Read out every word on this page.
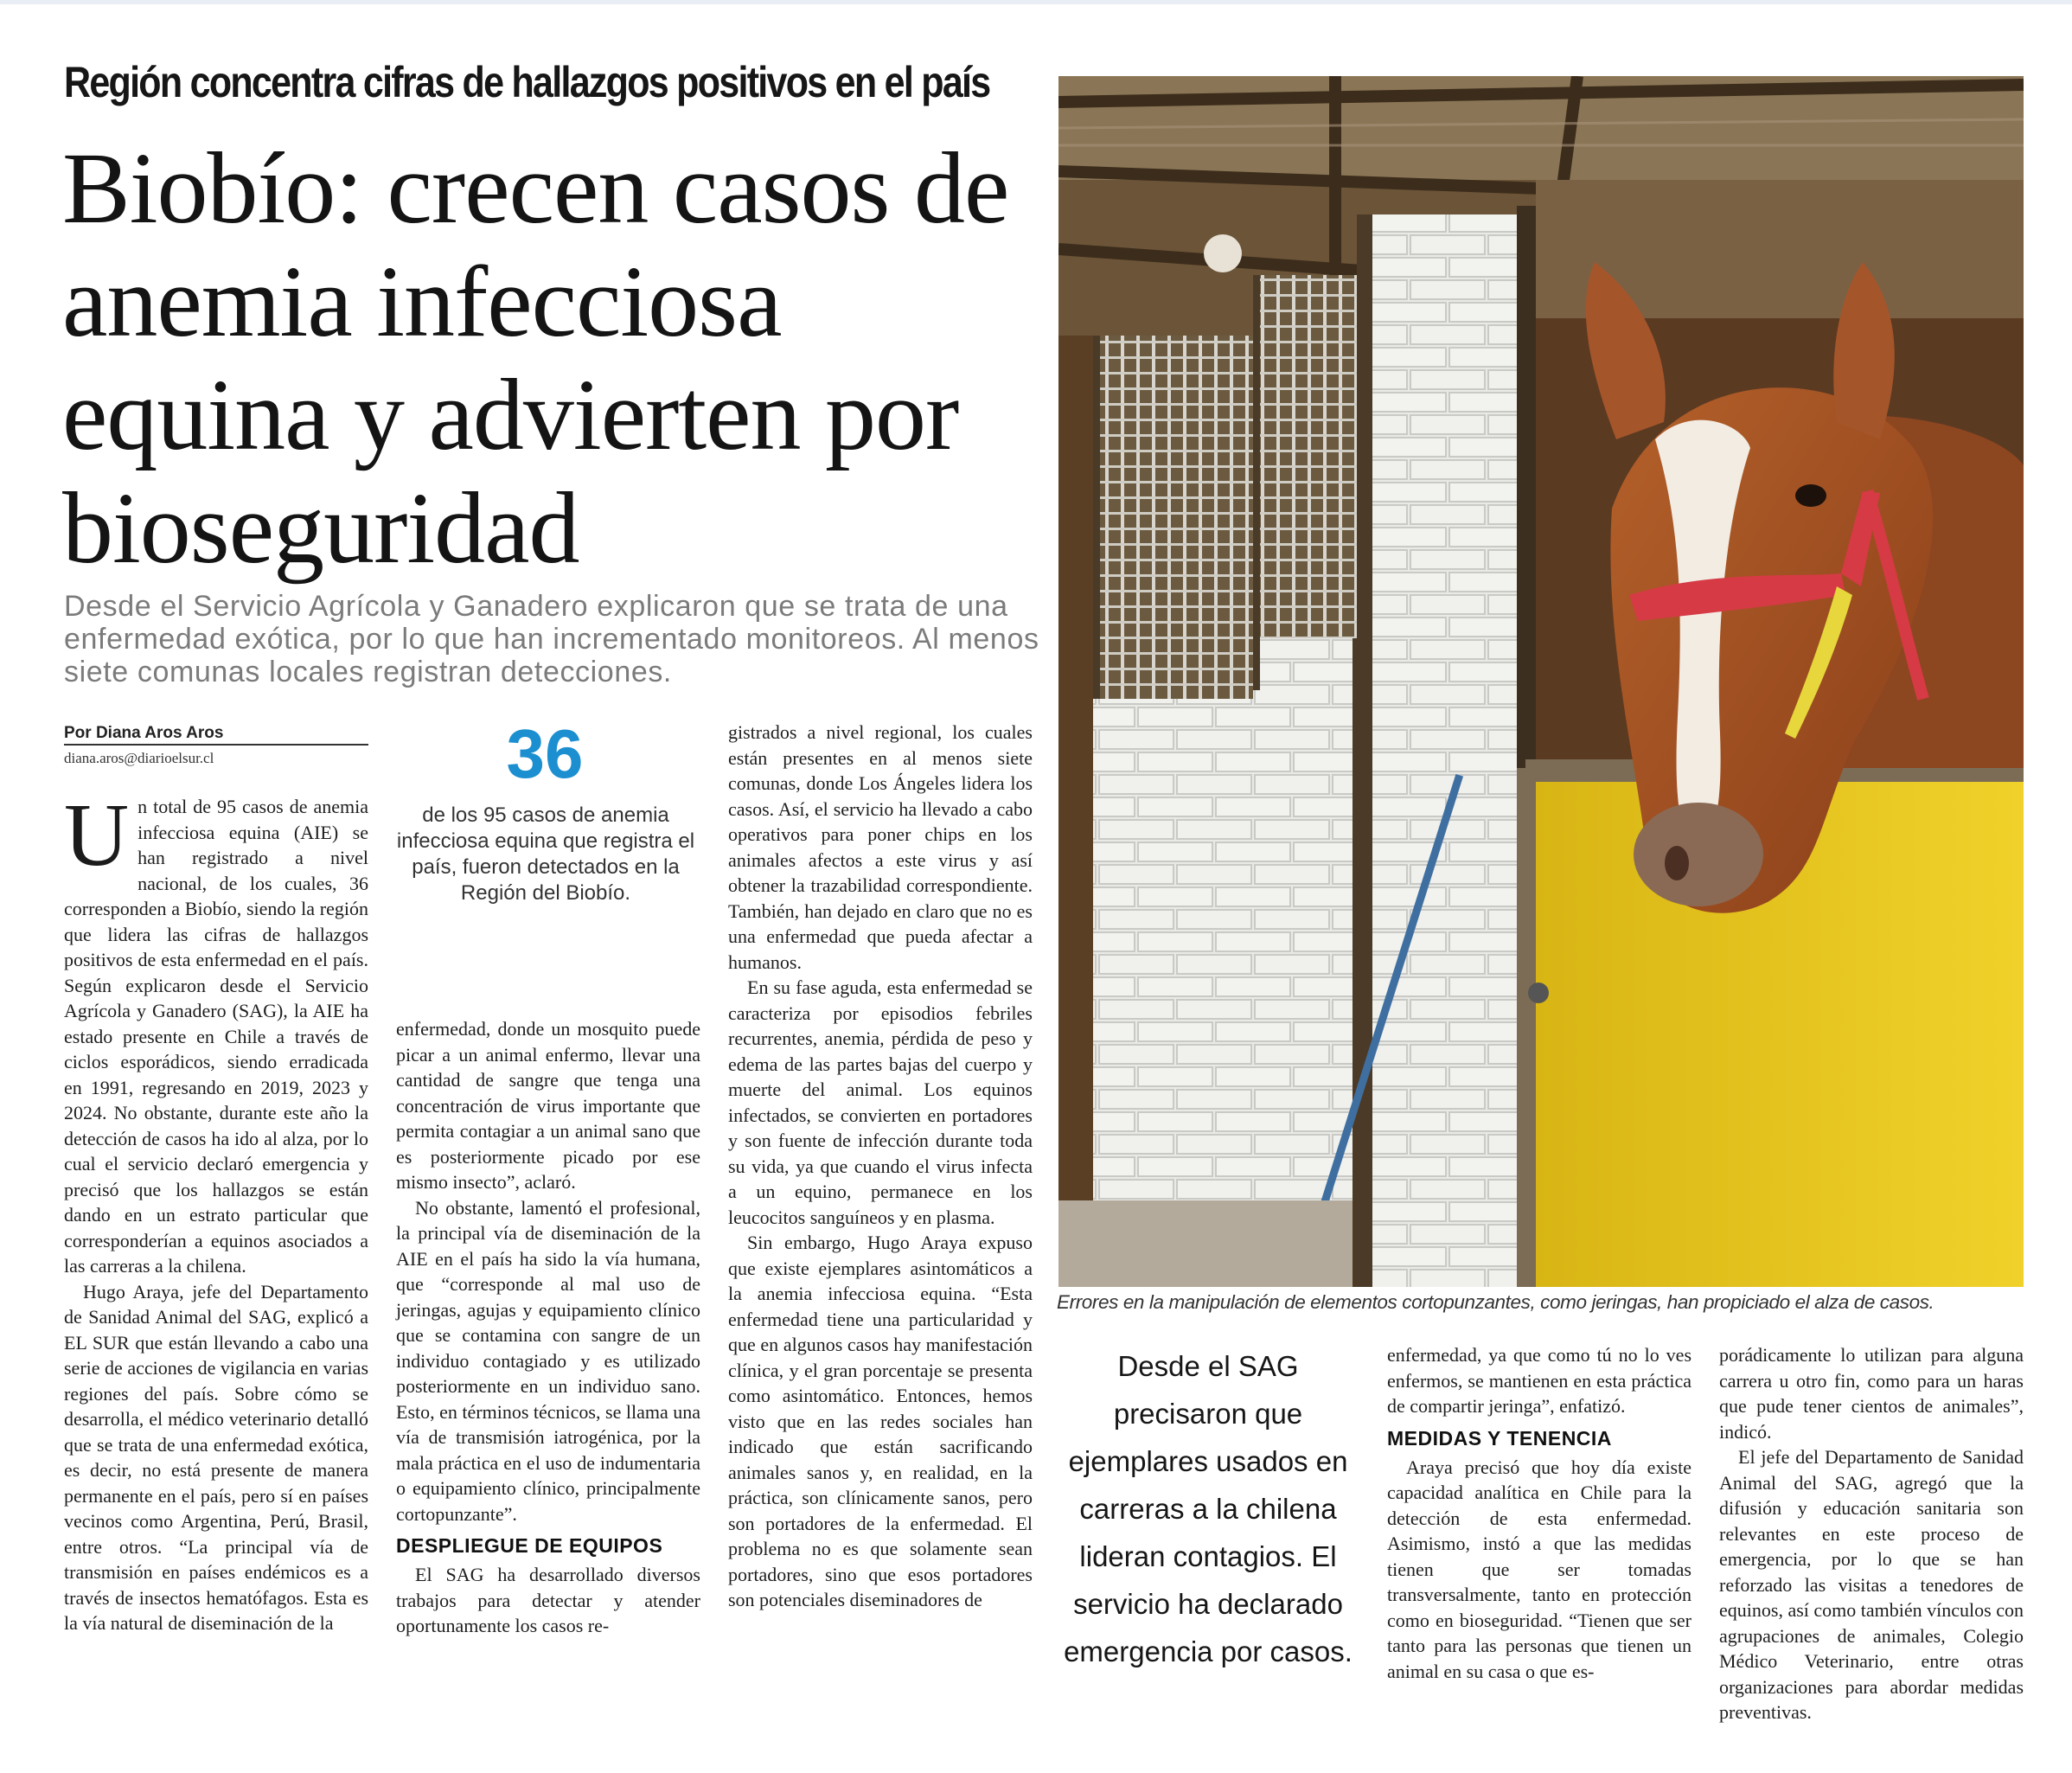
Región concentra cifras de hallazgos positivos en el país
Biobío: crecen casos de anemia infecciosa equina y advierten por bioseguridad
Desde el Servicio Agrícola y Ganadero explicaron que se trata de una enfermedad exótica, por lo que han incrementado monitoreos. Al menos siete comunas locales registran detecciones.
Por Diana Aros Aros
diana.aros@diarioelsur.cl	36
de los 95 casos de anemia infecciosa equina que registra el país, fueron detectados en la Región del Biobío.

Un total de 95 casos de anemia infecciosa equina (AIE) se han registrado a nivel nacional, de los cuales, 36 corresponden a Biobío, siendo la región que lidera las cifras de hallazgos positivos de esta enfermedad en el país. Según explicaron desde el Servicio Agrícola y Ganadero (SAG), la AIE ha estado presente en Chile a través de ciclos esporádicos, siendo erradicada en 1991, regresando en 2019, 2023 y 2024. No obstante, durante este año la detección de casos ha ido al alza, por lo cual el servicio declaró emergencia y precisó que los hallazgos se están dando en un estrato particular que corresponderían a equinos asociados a las carreras a la chilena.

Hugo Araya, jefe del Departamento de Sanidad Animal del SAG, explicó a EL SUR que están llevando a cabo una serie de acciones de vigilancia en varias regiones del país. Sobre cómo se desarrolla, el médico veterinario detalló que se trata de una enfermedad exótica, es decir, no está presente de manera permanente en el país, pero sí en países vecinos como Argentina, Perú, Brasil, entre otros. “La principal vía de transmisión en países endémicos es a través de insectos hematófagos. Esta es la vía natural de diseminación de la

enfermedad, donde un mosquito puede picar a un animal enfermo, llevar una cantidad de sangre que tenga una concentración de virus importante que permita contagiar a un animal sano que es posteriormente picado por ese mismo insecto”, aclaró.

No obstante, lamentó el profesional, la principal vía de diseminación de la AIE en el país ha sido la vía humana, que “corresponde al mal uso de jeringas, agujas y equipamiento clínico que se contamina con sangre de un individuo contagiado y es utilizado posteriormente en un individuo sano. Esto, en términos técnicos, se llama una vía de transmisión iatrogénica, por la mala práctica en el uso de indumentaria o equipamiento clínico, principalmente cortopunzante”.

DESPLIEGUE DE EQUIPOS

El SAG ha desarrollado diversos trabajos para detectar y atender oportunamente los casos re-

gistrados a nivel regional, los cuales están presentes en al menos siete comunas, donde Los Ángeles lidera los casos. Así, el servicio ha llevado a cabo operativos para poner chips en los animales afectos a este virus y así obtener la trazabilidad correspondiente. También, han dejado en claro que no es una enfermedad que pueda afectar a humanos.

En su fase aguda, esta enfermedad se caracteriza por episodios febriles recurrentes, anemia, pérdida de peso y edema de las partes bajas del cuerpo y muerte del animal. Los equinos infectados, se convierten en portadores y son fuente de infección durante toda su vida, ya que cuando el virus infecta a un equino, permanece en los leucocitos sanguíneos y en plasma.

Sin embargo, Hugo Araya expuso que existe ejemplares asintomáticos a la anemia infecciosa equina. “Esta enfermedad tiene una particularidad y que en algunos casos hay manifestación clínica, y el gran porcentaje se presenta como asintomático. Entonces, hemos visto que en las redes sociales han indicado que están sacrificando animales sanos y, en realidad, en la práctica, son clínicamente sanos, pero son portadores de la enfermedad. El problema no es que solamente sean portadores, sino que esos portadores son potenciales diseminadores de

Errores en la manipulación de elementos cortopunzantes, como jeringas, han propiciado el alza de casos.
Desde el SAG precisaron que ejemplares usados en carreras a la chilena lideran contagios. El servicio ha declarado emergencia por casos.

enfermedad, ya que como tú no lo ves enfermos, se mantienen en esta práctica de compartir jeringa”, enfatizó.

MEDIDAS Y TENENCIA

Araya precisó que hoy día existe capacidad analítica en Chile para la detección de esta enfermedad. Asimismo, instó a que las medidas tienen que ser tomadas transversalmente, tanto en protección como en bioseguridad. “Tienen que ser tanto para las personas que tienen un animal en su casa o que es-

porádicamente lo utilizan para alguna carrera u otro fin, como para un haras que pude tener cientos de animales”, indicó.

El jefe del Departamento de Sanidad Animal del SAG, agregó que la difusión y educación sanitaria son relevantes en este proceso de emergencia, por lo que se han reforzado las visitas a tenedores de equinos, así como también vínculos con agrupaciones de animales, Colegio Médico Veterinario, entre otras organizaciones para abordar medidas preventivas.
